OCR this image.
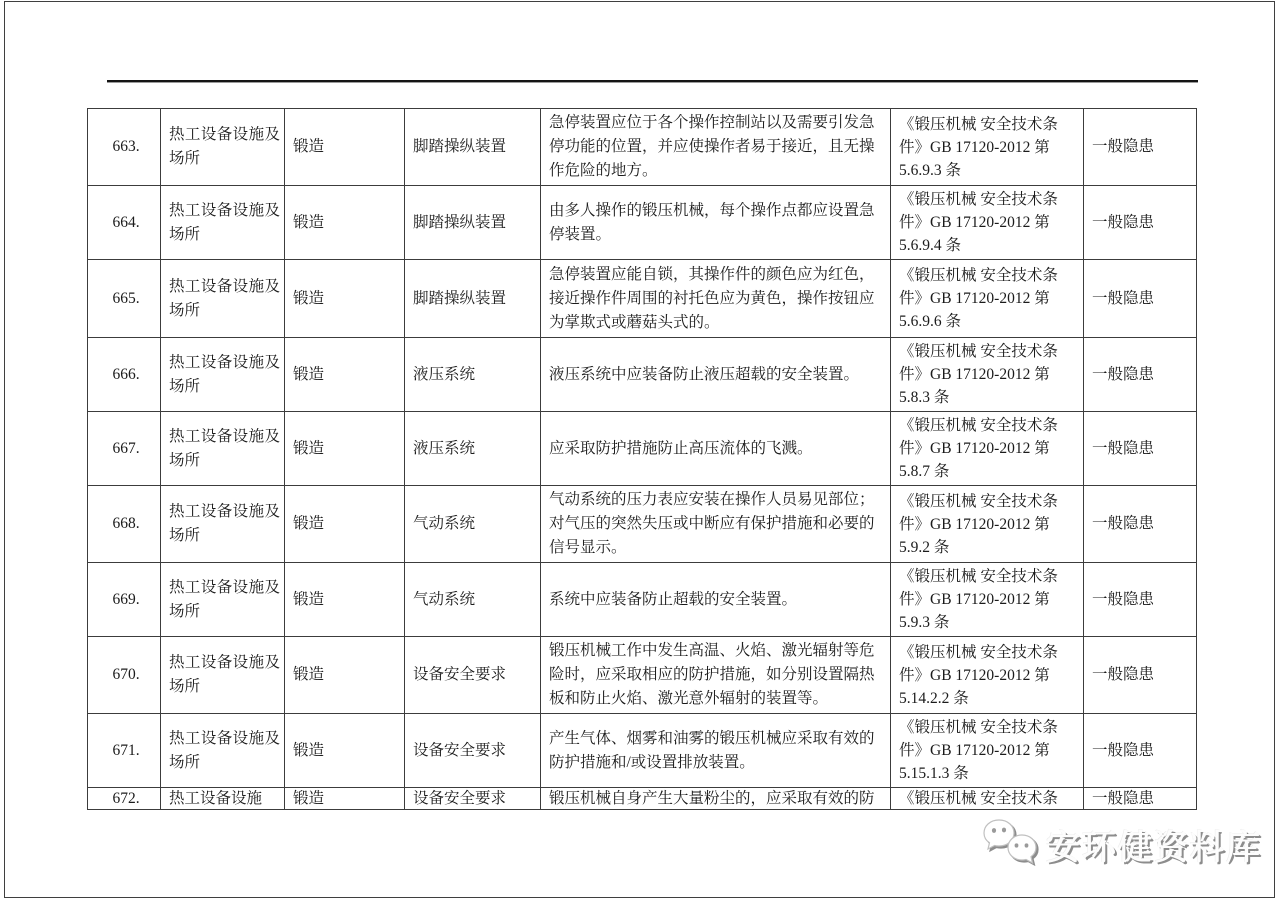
663.	热工设备设施及场所	锻造	脚踏操纵装置	急停装置应位于各个操作控制站以及需要引发急停功能的位置，并应使操作者易于接近，且无操作危险的地方。	《锻压机械 安全技术条件》GB 17120-2012 第 5.6.9.3 条	一般隐患
664.	热工设备设施及场所	锻造	脚踏操纵装置	由多人操作的锻压机械，每个操作点都应设置急停装置。	《锻压机械 安全技术条件》GB 17120-2012 第 5.6.9.4 条	一般隐患
665.	热工设备设施及场所	锻造	脚踏操纵装置	急停装置应能自锁，其操作件的颜色应为红色，接近操作件周围的衬托色应为黄色，操作按钮应为掌欺式或蘑菇头式的。	《锻压机械 安全技术条件》GB 17120-2012 第 5.6.9.6 条	一般隐患
666.	热工设备设施及场所	锻造	液压系统	液压系统中应装备防止液压超载的安全装置。	《锻压机械 安全技术条件》GB 17120-2012 第 5.8.3 条	一般隐患
667.	热工设备设施及场所	锻造	液压系统	应采取防护措施防止高压流体的飞溅。	《锻压机械 安全技术条件》GB 17120-2012 第 5.8.7 条	一般隐患
668.	热工设备设施及场所	锻造	气动系统	气动系统的压力表应安装在操作人员易见部位；对气压的突然失压或中断应有保护措施和必要的信号显示。	《锻压机械 安全技术条件》GB 17120-2012 第 5.9.2 条	一般隐患
669.	热工设备设施及场所	锻造	气动系统	系统中应装备防止超载的安全装置。	《锻压机械 安全技术条件》GB 17120-2012 第 5.9.3 条	一般隐患
670.	热工设备设施及场所	锻造	设备安全要求	锻压机械工作中发生高温、火焰、激光辐射等危险时，应采取相应的防护措施，如分别设置隔热板和防止火焰、激光意外辐射的装置等。	《锻压机械 安全技术条件》GB 17120-2012 第 5.14.2.2 条	一般隐患
671.	热工设备设施及场所	锻造	设备安全要求	产生气体、烟雾和油雾的锻压机械应采取有效的防护措施和/或设置排放装置。	《锻压机械 安全技术条件》GB 17120-2012 第 5.15.1.3 条	一般隐患
672.	热工设备设施	锻造	设备安全要求	锻压机械自身产生大量粉尘的，应采取有效的防	《锻压机械 安全技术条	一般隐患
安环健资料库
